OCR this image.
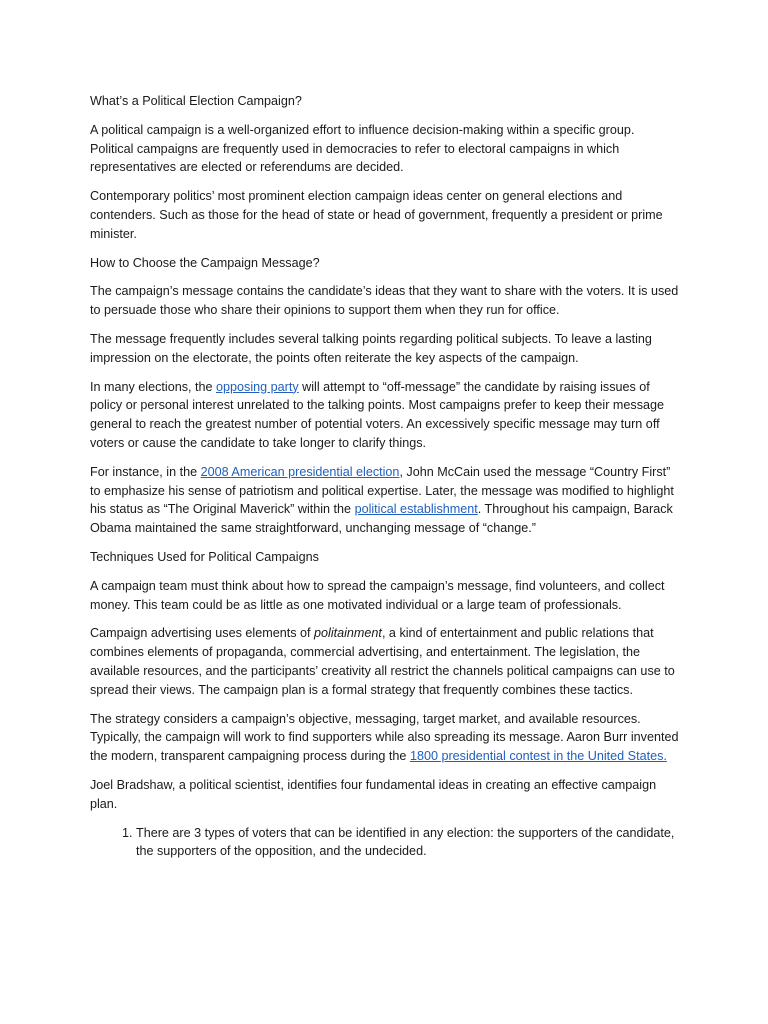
What’s a Political Election Campaign?

A political campaign is a well-organized effort to influence decision-making within a specific group. Political campaigns are frequently used in democracies to refer to electoral campaigns in which representatives are elected or referendums are decided.

Contemporary politics’ most prominent election campaign ideas center on general elections and contenders. Such as those for the head of state or head of government, frequently a president or prime minister.

How to Choose the Campaign Message?

The campaign’s message contains the candidate’s ideas that they want to share with the voters. It is used to persuade those who share their opinions to support them when they run for office.

The message frequently includes several talking points regarding political subjects. To leave a lasting impression on the electorate, the points often reiterate the key aspects of the campaign.

In many elections, the opposing party will attempt to “off-message” the candidate by raising issues of policy or personal interest unrelated to the talking points. Most campaigns prefer to keep their message general to reach the greatest number of potential voters. An excessively specific message may turn off voters or cause the candidate to take longer to clarify things.

For instance, in the 2008 American presidential election, John McCain used the message “Country First” to emphasize his sense of patriotism and political expertise. Later, the message was modified to highlight his status as “The Original Maverick” within the political establishment. Throughout his campaign, Barack Obama maintained the same straightforward, unchanging message of “change.”

Techniques Used for Political Campaigns

A campaign team must think about how to spread the campaign’s message, find volunteers, and collect money. This team could be as little as one motivated individual or a large team of professionals.

Campaign advertising uses elements of politainment, a kind of entertainment and public relations that combines elements of propaganda, commercial advertising, and entertainment. The legislation, the available resources, and the participants’ creativity all restrict the channels political campaigns can use to spread their views. The campaign plan is a formal strategy that frequently combines these tactics.

The strategy considers a campaign’s objective, messaging, target market, and available resources. Typically, the campaign will work to find supporters while also spreading its message. Aaron Burr invented the modern, transparent campaigning process during the 1800 presidential contest in the United States.

Joel Bradshaw, a political scientist, identifies four fundamental ideas in creating an effective campaign plan.

1. There are 3 types of voters that can be identified in any election: the supporters of the candidate, the supporters of the opposition, and the undecided.
